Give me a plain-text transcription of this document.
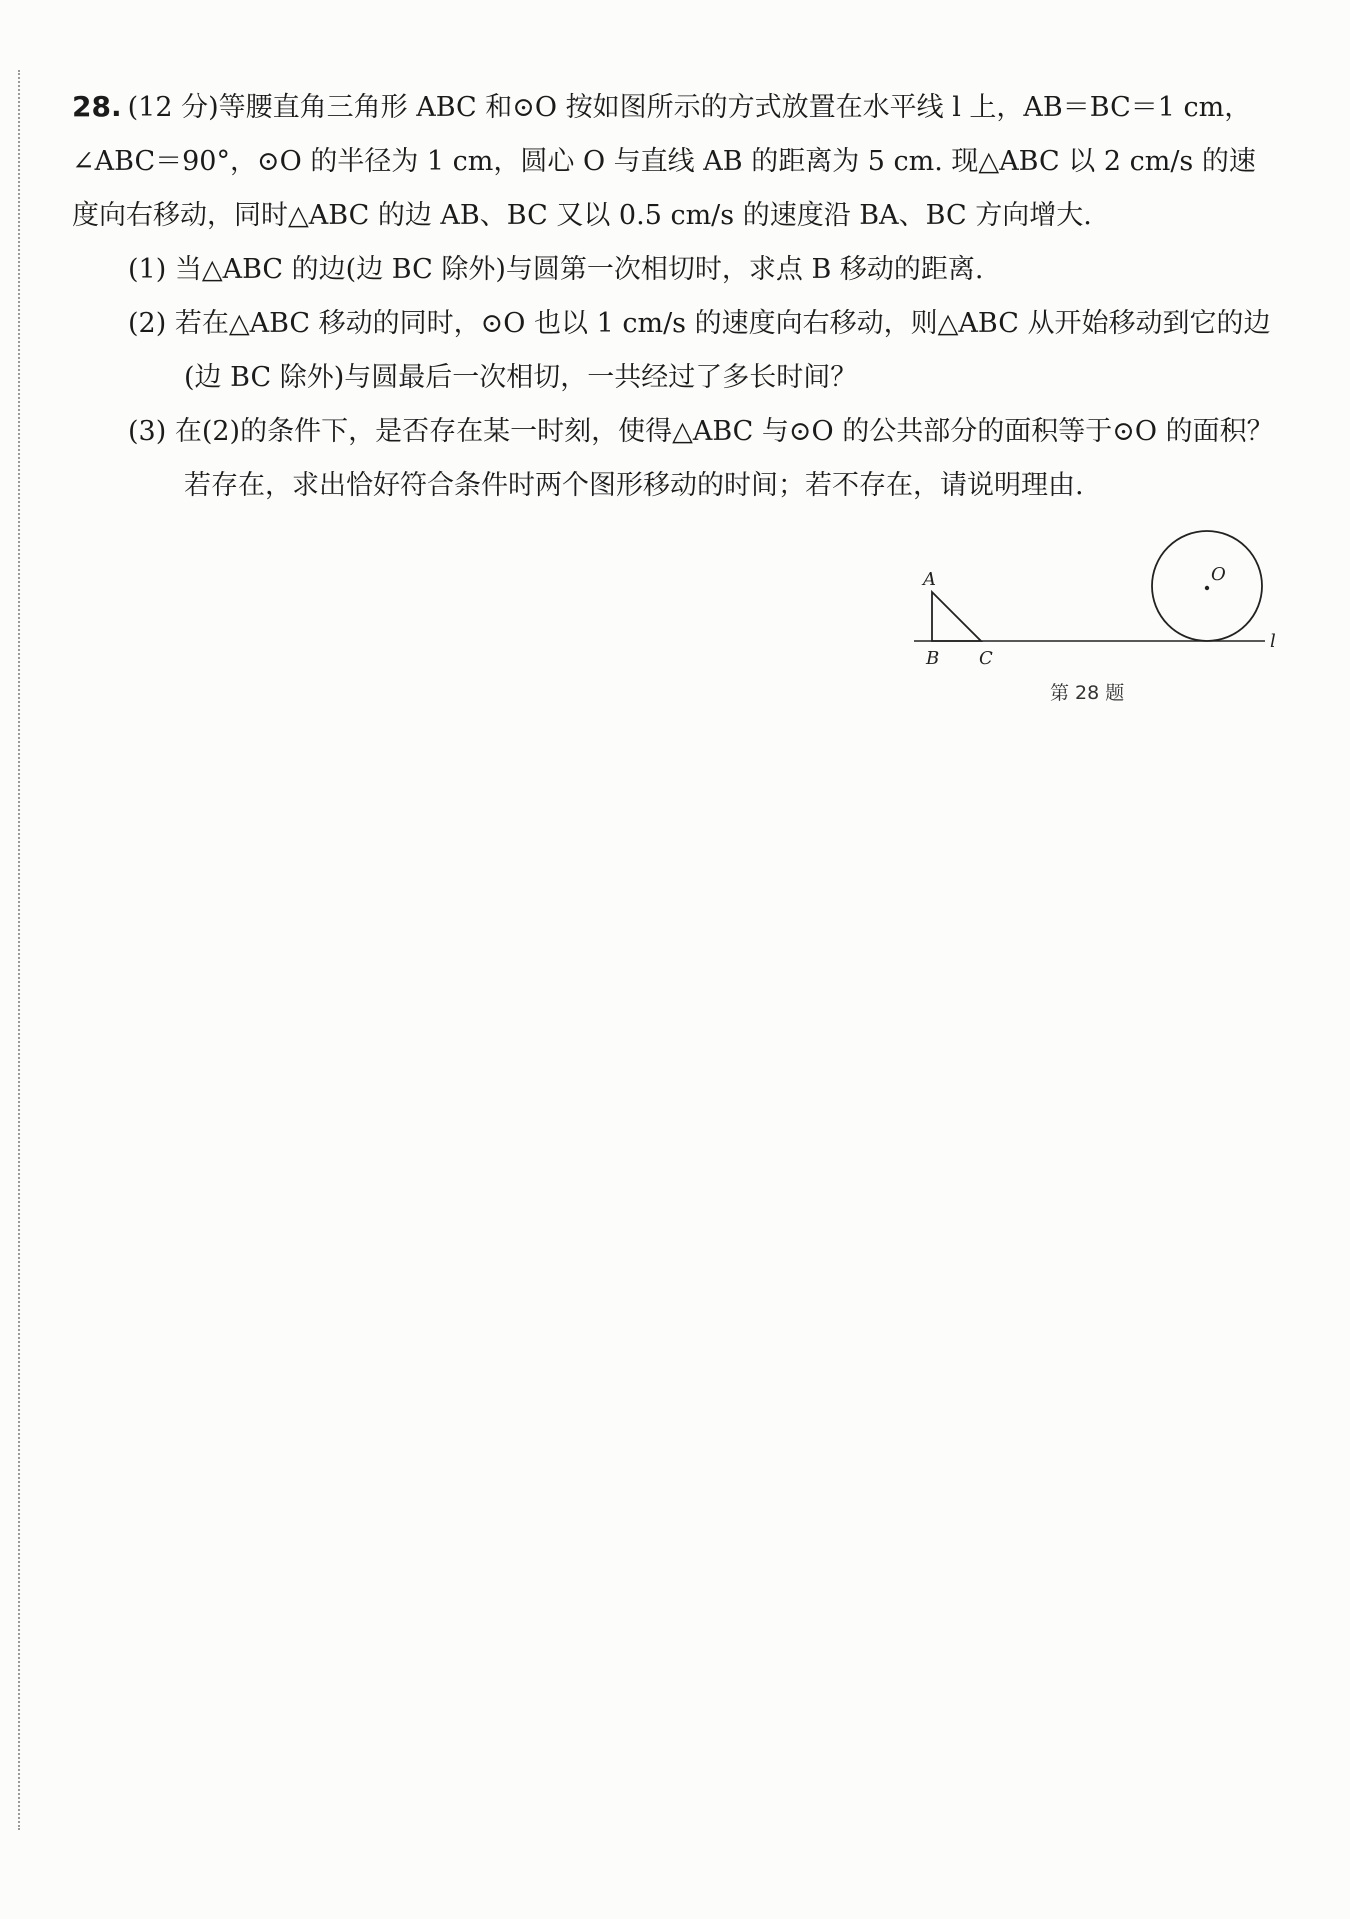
28. (12 分)等腰直角三角形 ABC 和⊙O 按如图所示的方式放置在水平线 l 上，AB＝BC＝1 cm，∠ABC＝90°，⊙O 的半径为 1 cm，圆心 O 与直线 AB 的距离为 5 cm. 现△ABC 以 2 cm/s 的速度向右移动，同时△ABC 的边 AB、BC 又以 0.5 cm/s 的速度沿 BA、BC 方向增大.

(1) 当△ABC 的边(边 BC 除外)与圆第一次相切时，求点 B 移动的距离.

(2) 若在△ABC 移动的同时，⊙O 也以 1 cm/s 的速度向右移动，则△ABC 从开始移动到它的边(边 BC 除外)与圆最后一次相切，一共经过了多长时间？

(3) 在(2)的条件下，是否存在某一时刻，使得△ABC 与⊙O 的公共部分的面积等于⊙O 的面积？若存在，求出恰好符合条件时两个图形移动的时间；若不存在，请说明理由.

A
B C
O
l
第 28 题
